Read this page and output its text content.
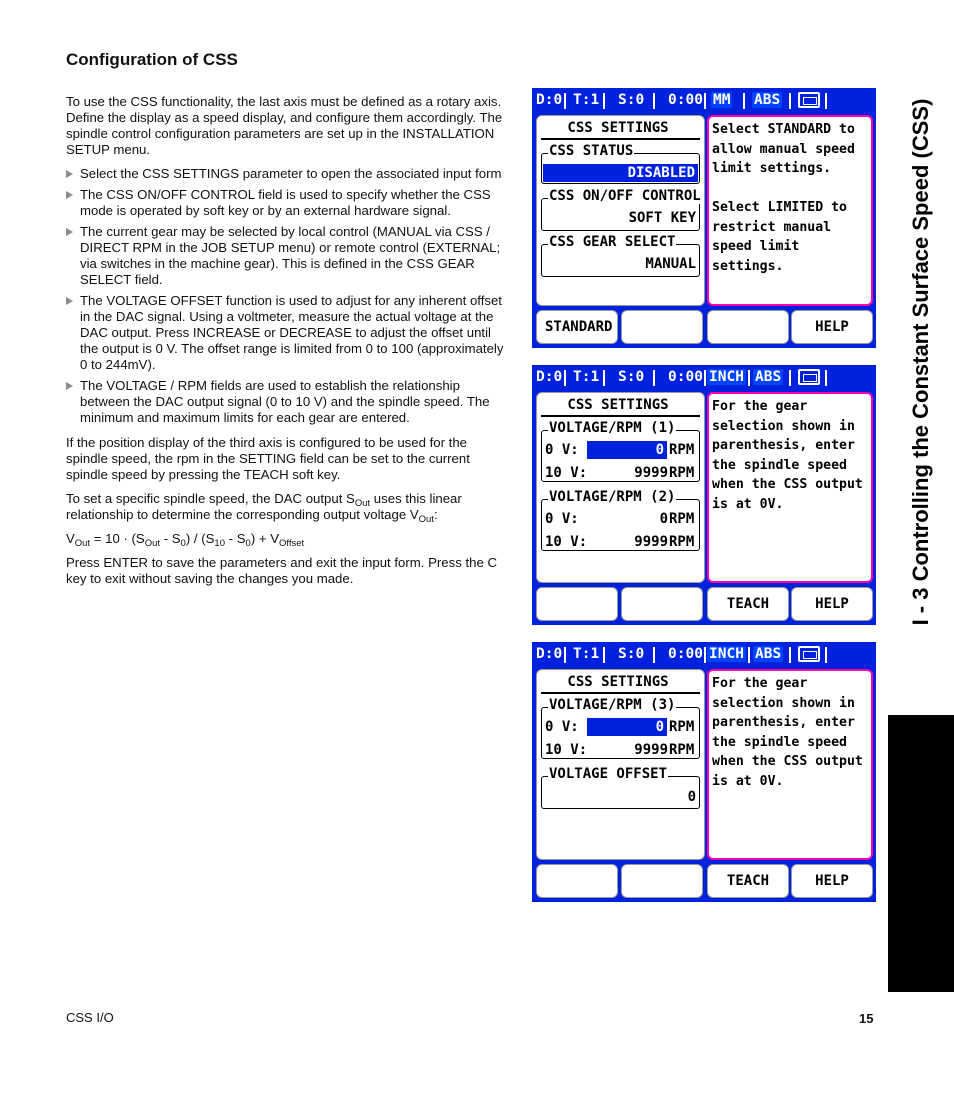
Configuration of CSS

To use the CSS functionality, the last axis must be defined as a rotary axis. Define the display as a speed display, and configure them accordingly. The spindle control configuration parameters are set up in the INSTALLATION SETUP menu.

Select the CSS SETTINGS parameter to open the associated input form
The CSS ON/OFF CONTROL field is used to specify whether the CSS mode is operated by soft key or by an external hardware signal.
The current gear may be selected by local control (MANUAL via CSS / DIRECT RPM in the JOB SETUP menu) or remote control (EXTERNAL; via switches in the machine gear). This is defined in the CSS GEAR SELECT field.
The VOLTAGE OFFSET function is used to adjust for any inherent offset in the DAC signal. Using a voltmeter, measure the actual voltage at the DAC output. Press INCREASE or DECREASE to adjust the offset until the output is 0 V. The offset range is limited from 0 to 100 (approximately 0 to 244mV).
The VOLTAGE / RPM fields are used to establish the relationship between the DAC output signal (0 to 10 V) and the spindle speed. The minimum and maximum limits for each gear are entered.

If the position display of the third axis is configured to be used for the spindle speed, the rpm in the SETTING field can be set to the current spindle speed by pressing the TEACH soft key.

To set a specific spindle speed, the DAC output $S_{Out}$ uses this linear relationship to determine the corresponding output voltage $V_{Out}$:

$V_{Out} = 10 \cdot (S_{Out} - S_0) / (S_{10} - S_0) + V_{Offset}$

Press ENTER to save the parameters and exit the input form. Press the C key to exit without saving the changes you made.

D:0 T:1 S:0 0:00 MM ABS
CSS SETTINGS
CSS STATUS
DISABLED
CSS ON/OFF CONTROL
SOFT KEY
CSS GEAR SELECT
MANUAL
Select STANDARD to allow manual speed limit settings.

Select LIMITED to restrict manual speed limit settings.
STANDARD	HELP
D:0 T:1 S:0 0:00 INCH ABS
CSS SETTINGS
VOLTAGE/RPM (1)
0 V:	0 RPM
10 V:	9999 RPM
VOLTAGE/RPM (2)
0 V:	0 RPM
10 V:	9999 RPM
For the gear selection shown in parenthesis, enter the spindle speed when the CSS output is at 0V.
TEACH	HELP
D:0 T:1 S:0 0:00 INCH ABS
CSS SETTINGS
VOLTAGE/RPM (3)
0 V:	0 RPM
10 V:	9999 RPM
VOLTAGE OFFSET
0
For the gear selection shown in parenthesis, enter the spindle speed when the CSS output is at 0V.
TEACH	HELP
I - 3 Controlling the Constant Surface Speed (CSS)
CSS I/O	15
